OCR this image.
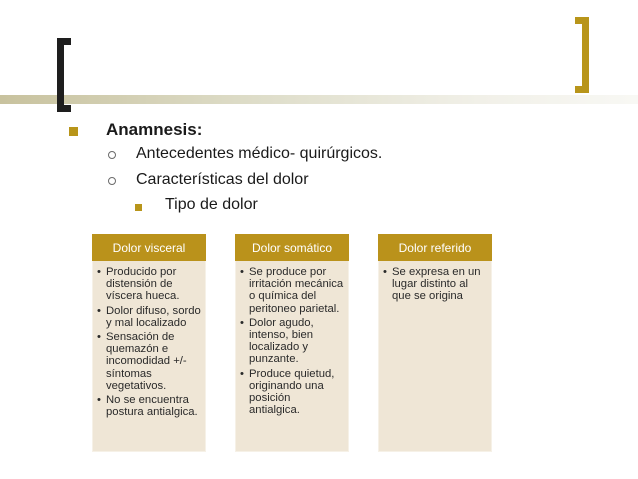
Anamnesis:
Antecedentes médico- quirúrgicos.
Características del dolor
Tipo de dolor
Dolor visceral
• Producido por distensión de víscera hueca.
• Dolor difuso, sordo y mal localizado
• Sensación de quemazón e incomodidad +/- síntomas vegetativos.
• No se encuentra postura antialgica.
Dolor somático
• Se produce por irritación mecánica o química del peritoneo parietal.
• Dolor agudo, intenso, bien localizado y punzante.
• Produce quietud, originando una posición antialgica.
Dolor referido
• Se expresa en un lugar distinto al que se origina
